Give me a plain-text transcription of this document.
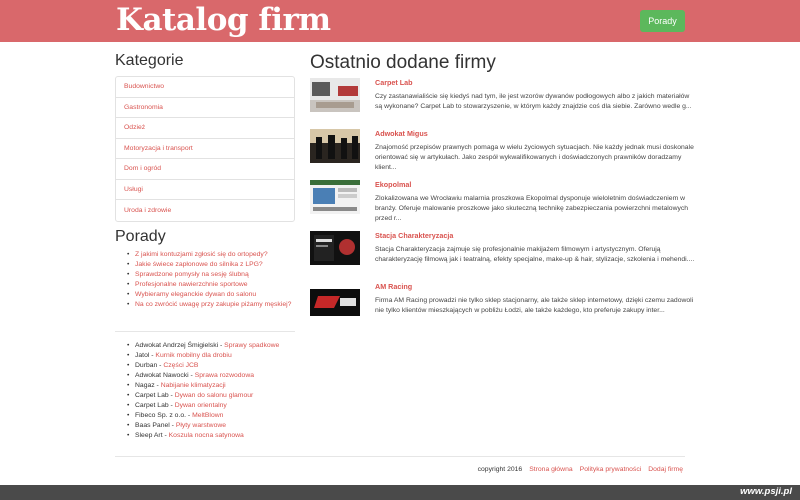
Katalog firm	Porady
Kategorie
Budownictwo
Gastronomia
Odzież
Motoryzacja i transport
Dom i ogród
Usługi
Uroda i zdrowie
Porady
• Z jakimi kontuzjami zgłosić się do ortopedy?
• Jakie świece zapłonowe do silnika z LPG?
• Sprawdzone pomysły na sesję ślubną
• Profesjonalne nawierzchnie sportowe
• Wybieramy eleganckie dywan do salonu
• Na co zwrócić uwagę przy zakupie piżamy męskiej?
• Adwokat Andrzej Śmigielski - Sprawy spadkowe
• Jatol - Kurnik mobilny dla drobiu
• Durban - Części JCB
• Adwokat Nawocki - Sprawa rozwodowa
• Nagaz - Nabijanie klimatyzacji
• Carpet Lab - Dywan do salonu glamour
• Carpet Lab - Dywan orientalny
• Fibeco Sp. z o.o. - MeltBlown
• Baas Panel - Płyty warstwowe
• Sleep Art - Koszula nocna satynowa
Ostatnio dodane firmy
Carpet Lab
Czy zastanawialiście się kiedyś nad tym, ile jest wzorów dywanów podłogowych albo z jakich materiałów są wykonane? Carpet Lab to stowarzyszenie, w którym każdy znajdzie coś dla siebie. Zarówno wedle g...
Adwokat Migus
Znajomość przepisów prawnych pomaga w wielu życiowych sytuacjach. Nie każdy jednak musi doskonale orientować się w artykułach. Jako zespół wykwalifikowanych i doświadczonych prawników doradzamy klient...
Ekopolmal
Zlokalizowana we Wrocławiu malarnia proszkowa Ekopolmal dysponuje wieloletnim doświadczeniem w branży. Oferuje malowanie proszkowe jako skuteczną technikę zabezpieczania powierzchni metalowych przed r...
Stacja Charakteryzacja
Stacja Charakteryzacja zajmuje się profesjonalnie makijażem filmowym i artystycznym. Oferują charakteryzację filmową jak i teatralną, efekty specjalne, make-up & hair, stylizacje, szkolenia i mehendi....
AM Racing
Firma AM Racing prowadzi nie tylko sklep stacjonarny, ale także sklep internetowy, dzięki czemu zadowoli nie tylko klientów mieszkających w pobliżu Łodzi, ale także każdego, kto preferuje zakupy inter...
copyright 2016 Strona główna Polityka prywatności Dodaj firmę
www.psji.pl
